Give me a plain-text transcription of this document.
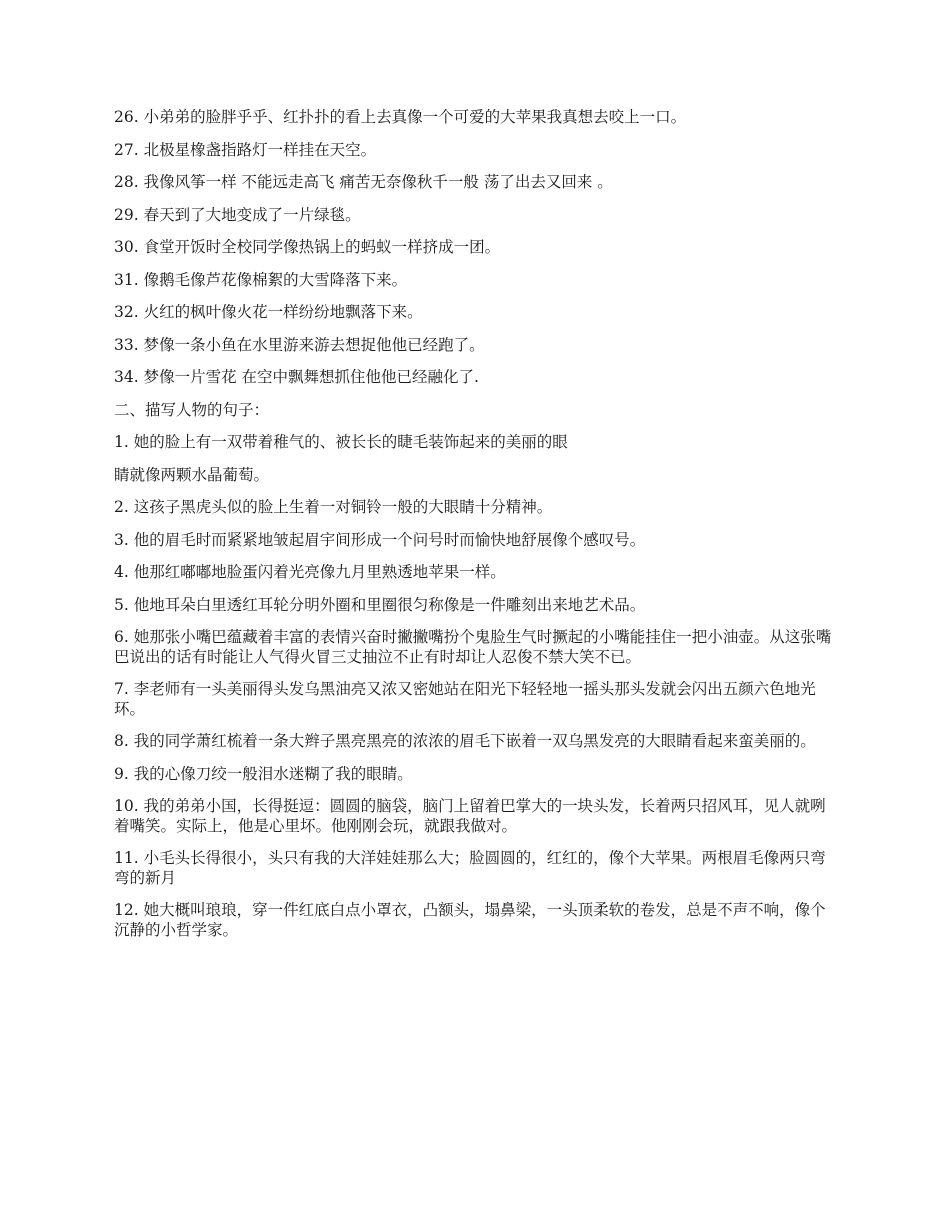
26. 小弟弟的脸胖乎乎、红扑扑的看上去真像一个可爱的大苹果我真想去咬上一口。

27. 北极星橡盏指路灯一样挂在天空。

28. 我像风筝一样 不能远走高飞 痛苦无奈像秋千一般 荡了出去又回来 。

29. 春天到了大地变成了一片绿毯。

30. 食堂开饭时全校同学像热锅上的蚂蚁一样挤成一团。

31. 像鹅毛像芦花像棉絮的大雪降落下来。

32. 火红的枫叶像火花一样纷纷地飘落下来。

33. 梦像一条小鱼在水里游来游去想捉他他已经跑了。

34. 梦像一片雪花 在空中飘舞想抓住他他已经融化了.

二、描写人物的句子：

1. 她的脸上有一双带着稚气的、被长长的睫毛装饰起来的美丽的眼

睛就像两颗水晶葡萄。

2. 这孩子黑虎头似的脸上生着一对铜铃一般的大眼睛十分精神。

3. 他的眉毛时而紧紧地皱起眉宇间形成一个问号时而愉快地舒展像个感叹号。

4. 他那红嘟嘟地脸蛋闪着光亮像九月里熟透地苹果一样。

5. 他地耳朵白里透红耳轮分明外圈和里圈很匀称像是一件雕刻出来地艺术品。

6. 她那张小嘴巴蕴藏着丰富的表情兴奋时撇撇嘴扮个鬼脸生气时撅起的小嘴能挂住一把小油壶。从这张嘴巴说出的话有时能让人气得火冒三丈抽泣不止有时却让人忍俊不禁大笑不已。

7. 李老师有一头美丽得头发乌黑油亮又浓又密她站在阳光下轻轻地一摇头那头发就会闪出五颜六色地光环。

8. 我的同学萧红梳着一条大辫子黑亮黑亮的浓浓的眉毛下嵌着一双乌黑发亮的大眼睛看起来蛮美丽的。

9. 我的心像刀绞一般泪水迷糊了我的眼睛。

10. 我的弟弟小国，长得挺逗：圆圆的脑袋，脑门上留着巴掌大的一块头发，长着两只招风耳，见人就咧着嘴笑。实际上，他是心里坏。他刚刚会玩，就跟我做对。

11. 小毛头长得很小，头只有我的大洋娃娃那么大；脸圆圆的，红红的，像个大苹果。两根眉毛像两只弯弯的新月

12. 她大概叫琅琅，穿一件红底白点小罩衣，凸额头，塌鼻梁，一头顶柔软的卷发，总是不声不响，像个沉静的小哲学家。
